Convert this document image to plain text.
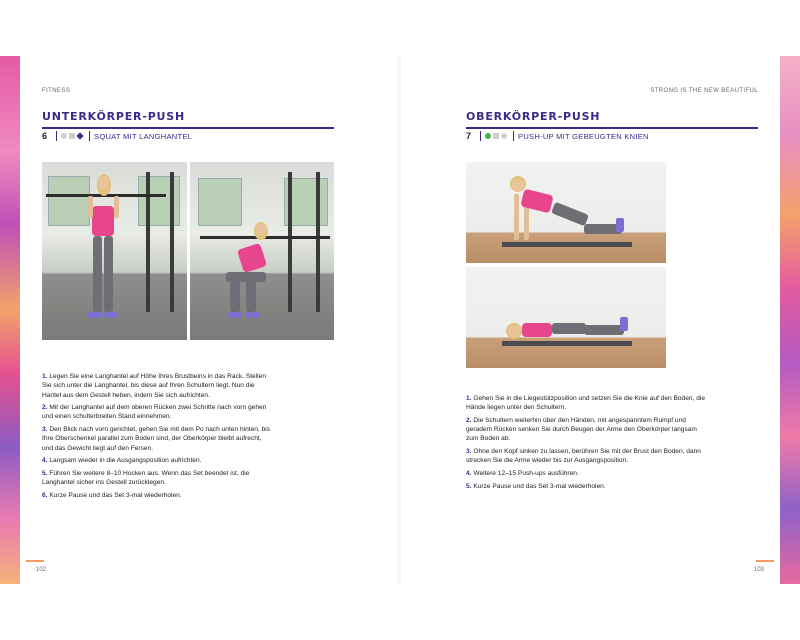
FITNESS	STRONG IS THE NEW BEAUTIFUL
UNTERKÖRPER-PUSH
6	SQUAT MIT LANGHANTEL

1. Legen Sie eine Langhantel auf Höhe Ihres Brustbeins in das Rack. Stellen Sie sich unter die Langhantel, bis diese auf Ihren Schultern liegt. Nun die Hantel aus dem Gestell heben, indem Sie sich aufrichten.

2. Mit der Langhantel auf dem oberen Rücken zwei Schritte nach vorn gehen und einen schulterbreiten Stand einnehmen.

3. Den Blick nach vorn gerichtet, gehen Sie mit dem Po nach unten hinten, bis Ihre Oberschenkel parallel zum Boden sind, der Oberkörper bleibt aufrecht, und das Gewicht liegt auf den Fersen.

4. Langsam wieder in die Ausgangsposition aufrichten.

5. Führen Sie weitere 8–10 Hocken aus. Wenn das Set beendet ist, die Langhantel sicher ins Gestell zurücklegen.

6. Kurze Pause und das Set 3-mal wiederholen.

102
OBERKÖRPER-PUSH
7	PUSH-UP MIT GEBEUGTEN KNIEN

1. Gehen Sie in die Liegestützposition und setzen Sie die Knie auf den Boden, die Hände liegen unter den Schultern.

2. Die Schultern weiterhin über den Händen, mit angespanntem Rumpf und geradem Rücken senken Sie durch Beugen der Arme den Oberkörper langsam zum Boden ab.

3. Ohne den Kopf sinken zu lassen, berühren Sie mit der Brust den Boden, dann strecken Sie die Arme wieder bis zur Ausgangsposition.

4. Weitere 12–15 Push-ups ausführen.

5. Kurze Pause und das Set 3-mal wiederholen.

103
